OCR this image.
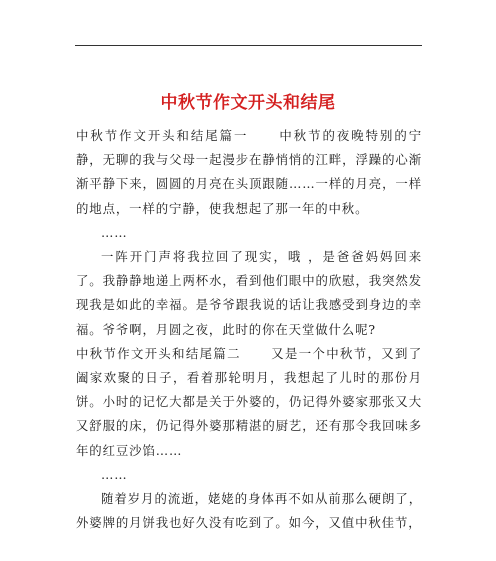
中秋节作文开头和结尾

中秋节作文开头和结尾篇一 中秋节的夜晚特别的宁静，无聊的我与父母一起漫步在静悄悄的江畔，浮躁的心渐渐平静下来，圆圆的月亮在头顶跟随……一样的月亮，一样的地点，一样的宁静，使我想起了那一年的中秋。

……

一阵开门声将我拉回了现实，哦 ，是爸爸妈妈回来了。我静静地递上两杯水，看到他们眼中的欣慰，我突然发现我是如此的幸福。是爷爷跟我说的话让我感受到身边的幸福。爷爷啊，月圆之夜，此时的你在天堂做什么呢?

中秋节作文开头和结尾篇二 又是一个中秋节，又到了阖家欢聚的日子，看着那轮明月，我想起了儿时的那份月饼。小时的记忆大都是关于外婆的，仍记得外婆家那张又大又舒服的床，仍记得外婆那精湛的厨艺，还有那令我回味多年的红豆沙馅……

……

随着岁月的流逝，姥姥的身体再不如从前那么硬朗了，外婆牌的月饼我也好久没有吃到了。如今，又值中秋佳节，
